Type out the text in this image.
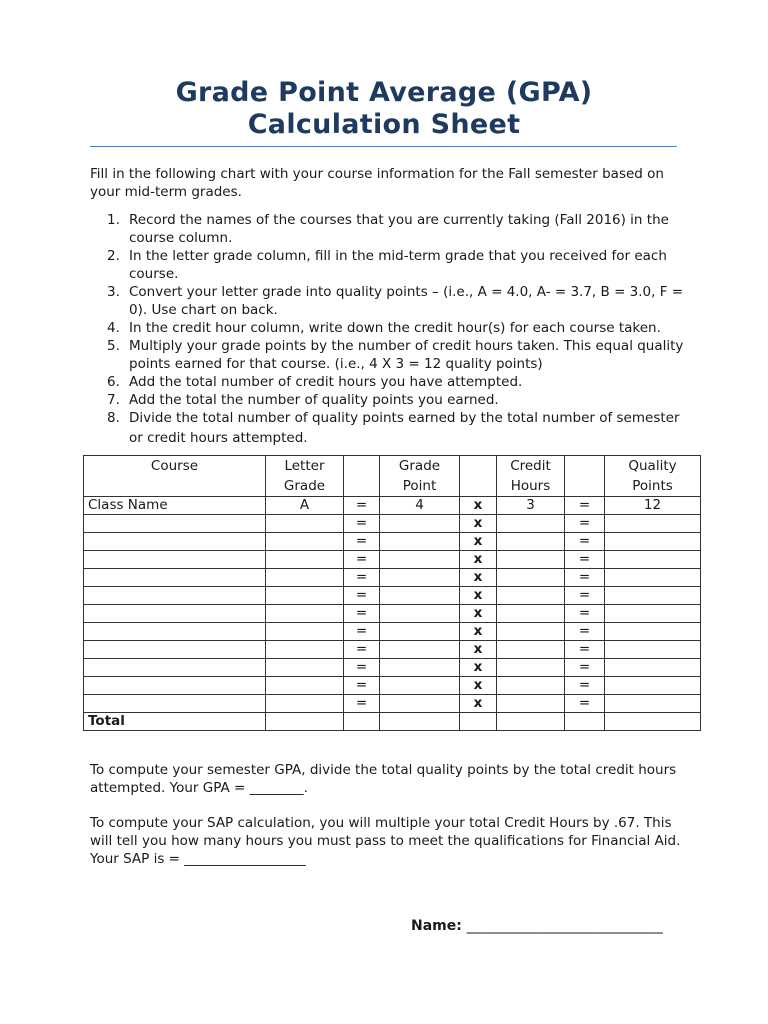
Grade Point Average (GPA)
Calculation Sheet
Fill in the following chart with your course information for the Fall semester based on your mid-term grades.
1. Record the names of the courses that you are currently taking (Fall 2016) in the course column.
2. In the letter grade column, fill in the mid-term grade that you received for each course.
3. Convert your letter grade into quality points – (i.e., A = 4.0, A- = 3.7, B = 3.0, F = 0). Use chart on back.
4. In the credit hour column, write down the credit hour(s) for each course taken.
5. Multiply your grade points by the number of credit hours taken. This equal quality points earned for that course. (i.e., 4 X 3 = 12 quality points)
6. Add the total number of credit hours you have attempted.
7. Add the total the number of quality points you earned.
8. Divide the total number of quality points earned by the total number of semester or credit hours attempted.
Course	Letter Grade		Grade Point		Credit Hours		Quality Points
Class Name	A	=	4	x	3	=	12
		=		x		=	
		=		x		=	
		=		x		=	
		=		x		=	
		=		x		=	
		=		x		=	
		=		x		=	
		=		x		=	
		=		x		=	
		=		x		=	
		=		x		=	
Total							
To compute your semester GPA, divide the total quality points by the total credit hours attempted. Your GPA = ________.
To compute your SAP calculation, you will multiple your total Credit Hours by .67. This will tell you how many hours you must pass to meet the qualifications for Financial Aid. Your SAP is = __________________
Name: ____________________________
